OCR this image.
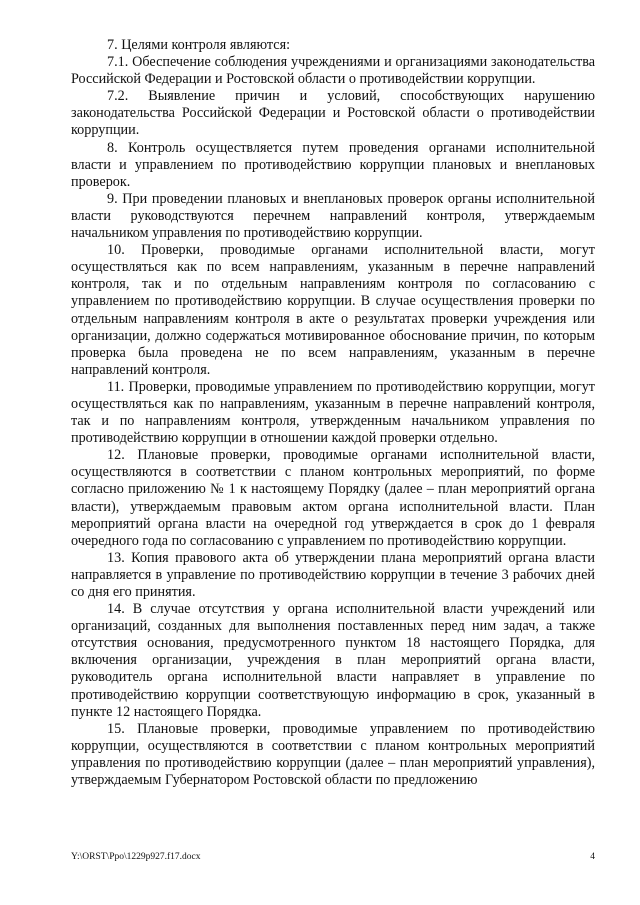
7. Целями контроля являются:

7.1. Обеспечение соблюдения учреждениями и организациями законодательства Российской Федерации и Ростовской области о противодействии коррупции.

7.2. Выявление причин и условий, способствующих нарушению законодательства Российской Федерации и Ростовской области о противодействии коррупции.

8. Контроль осуществляется путем проведения органами исполнительной власти и управлением по противодействию коррупции плановых и внеплановых проверок.

9. При проведении плановых и внеплановых проверок органы исполнительной власти руководствуются перечнем направлений контроля, утверждаемым начальником управления по противодействию коррупции.

10. Проверки, проводимые органами исполнительной власти, могут осуществляться как по всем направлениям, указанным в перечне направлений контроля, так и по отдельным направлениям контроля по согласованию с управлением по противодействию коррупции. В случае осуществления проверки по отдельным направлениям контроля в акте о результатах проверки учреждения или организации, должно содержаться мотивированное обоснование причин, по которым проверка была проведена не по всем направлениям, указанным в перечне направлений контроля.

11. Проверки, проводимые управлением по противодействию коррупции, могут осуществляться как по направлениям, указанным в перечне направлений контроля, так и по направлениям контроля, утвержденным начальником управления по противодействию коррупции в отношении каждой проверки отдельно.

12. Плановые проверки, проводимые органами исполнительной власти, осуществляются в соответствии с планом контрольных мероприятий, по форме согласно приложению № 1 к настоящему Порядку (далее – план мероприятий органа власти), утверждаемым правовым актом органа исполнительной власти. План мероприятий органа власти на очередной год утверждается в срок до 1 февраля очередного года по согласованию с управлением по противодействию коррупции.

13. Копия правового акта об утверждении плана мероприятий органа власти направляется в управление по противодействию коррупции в течение 3 рабочих дней со дня его принятия.

14. В случае отсутствия у органа исполнительной власти учреждений или организаций, созданных для выполнения поставленных перед ним задач, а также отсутствия основания, предусмотренного пунктом 18 настоящего Порядка, для включения организации, учреждения в план мероприятий органа власти, руководитель органа исполнительной власти направляет в управление по противодействию коррупции соответствующую информацию в срок, указанный в пункте 12 настоящего Порядка.

15. Плановые проверки, проводимые управлением по противодействию коррупции, осуществляются в соответствии с планом контрольных мероприятий управления по противодействию коррупции (далее – план мероприятий управления), утверждаемым Губернатором Ростовской области по предложению

Y:\ORST\Ppo\1229p927.f17.docx	4
